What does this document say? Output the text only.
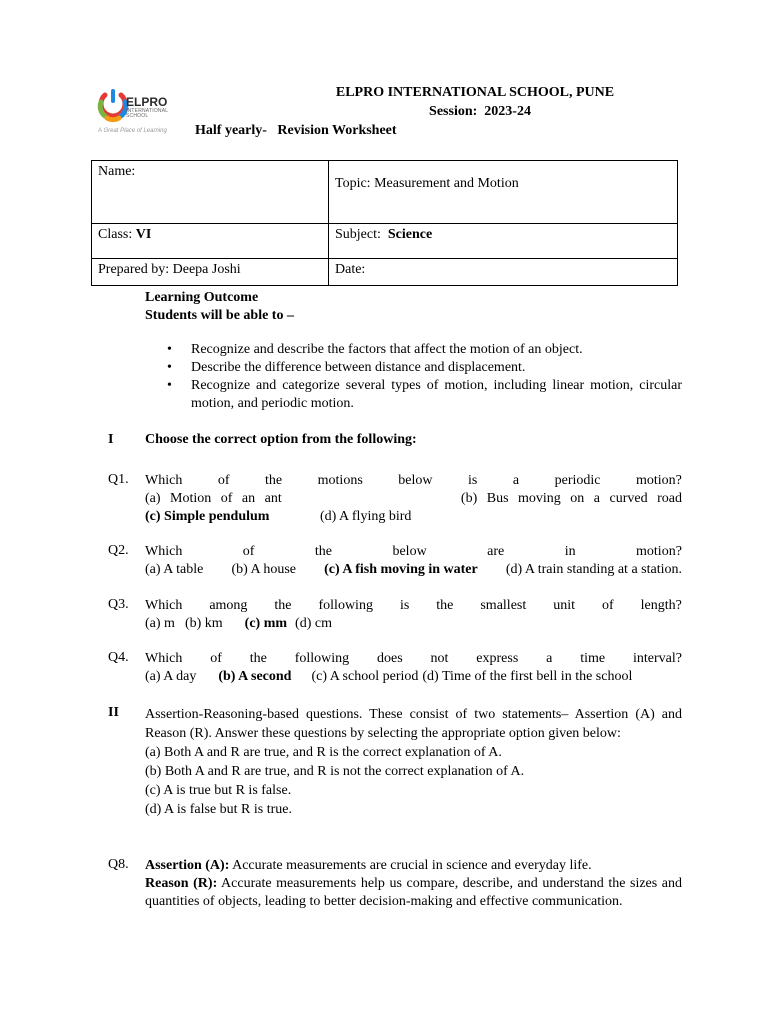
ELPRO
INTERNATIONAL SCHOOL
A Great Place of Learning
ELPRO INTERNATIONAL SCHOOL, PUNE
Session:  2023-24
Half yearly-   Revision Worksheet
Name:	Topic: Measurement and Motion

Class: VI	Subject:  Science
Prepared by: Deepa Joshi	Date:
Learning Outcome
Students will be able to –
• Recognize and describe the factors that affect the motion of an object.
• Describe the difference between distance and displacement.
• Recognize and categorize several types of motion, including linear motion, circular motion, and periodic motion.
I Choose the correct option from the following:
Q1. Which	of	the	motions	below	is	a	periodic	motion?
(a) Motion of an ant	(b) Bus moving on a curved road
(c) Simple pendulum	(d) A flying bird
Q2. Which	of	the	below	are	in	motion?
(a) A table (b) A house (c) A fish moving in water (d) A train standing at a station.
Q3. Which among the following is the smallest unit of length?
(a) m (b) km (c) mm (d) cm
Q4. Which of the following does not express a time interval?
(a) A day (b) A second (c) A school period (d) Time of the first bell in the school
II Assertion-Reasoning-based questions. These consist of two statements– Assertion (A) and Reason (R). Answer these questions by selecting the appropriate option given below:
(a) Both A and R are true, and R is the correct explanation of A.
(b) Both A and R are true, and R is not the correct explanation of A.
(c) A is true but R is false.
(d) A is false but R is true.
Q8. Assertion (A): Accurate measurements are crucial in science and everyday life.
Reason (R): Accurate measurements help us compare, describe, and understand the sizes and quantities of objects, leading to better decision-making and effective communication.
